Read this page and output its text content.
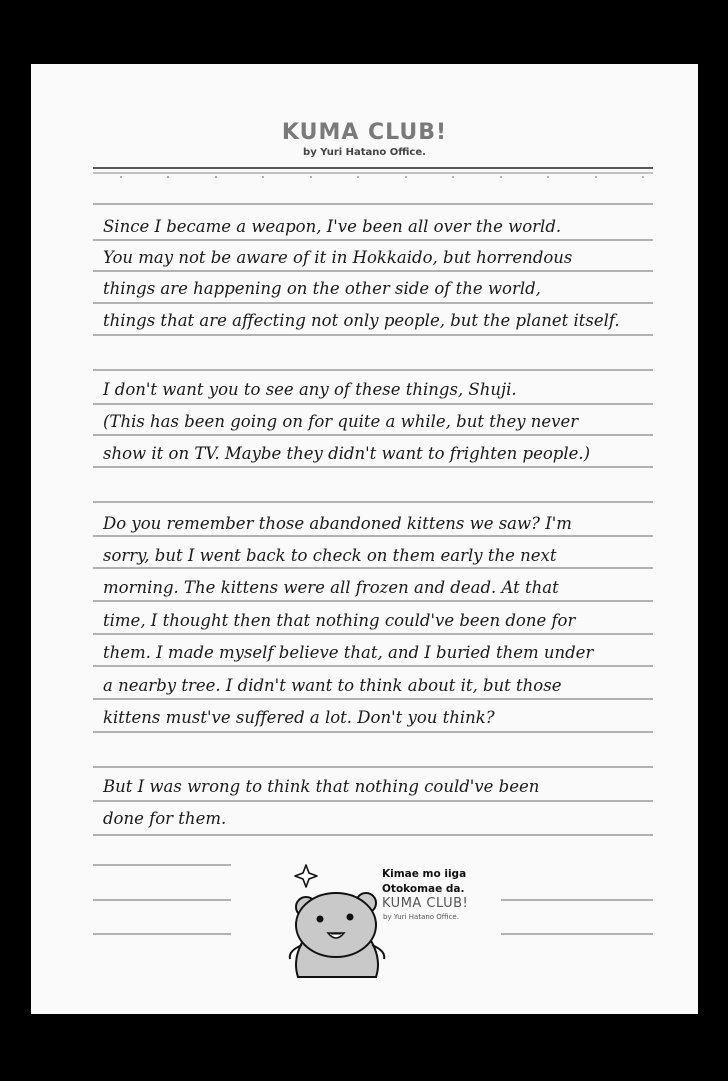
KUMA CLUB!
by Yuri Hatano Office.
Since I became a weapon, I've been all over the world.
You may not be aware of it in Hokkaido, but horrendous
things are happening on the other side of the world,
things that are affecting not only people, but the planet itself.
I don't want you to see any of these things, Shuji.
(This has been going on for quite a while, but they never
show it on TV. Maybe they didn't want to frighten people.)
Do you remember those abandoned kittens we saw? I'm
sorry, but I went back to check on them early the next
morning. The kittens were all frozen and dead. At that
time, I thought then that nothing could've been done for
them. I made myself believe that, and I buried them under
a nearby tree. I didn't want to think about it, but those
kittens must've suffered a lot. Don't you think?
But I was wrong to think that nothing could've been
done for them.
Kimae mo iiga
Otokomae da.
KUMA CLUB!
by Yuri Hatano Office.
